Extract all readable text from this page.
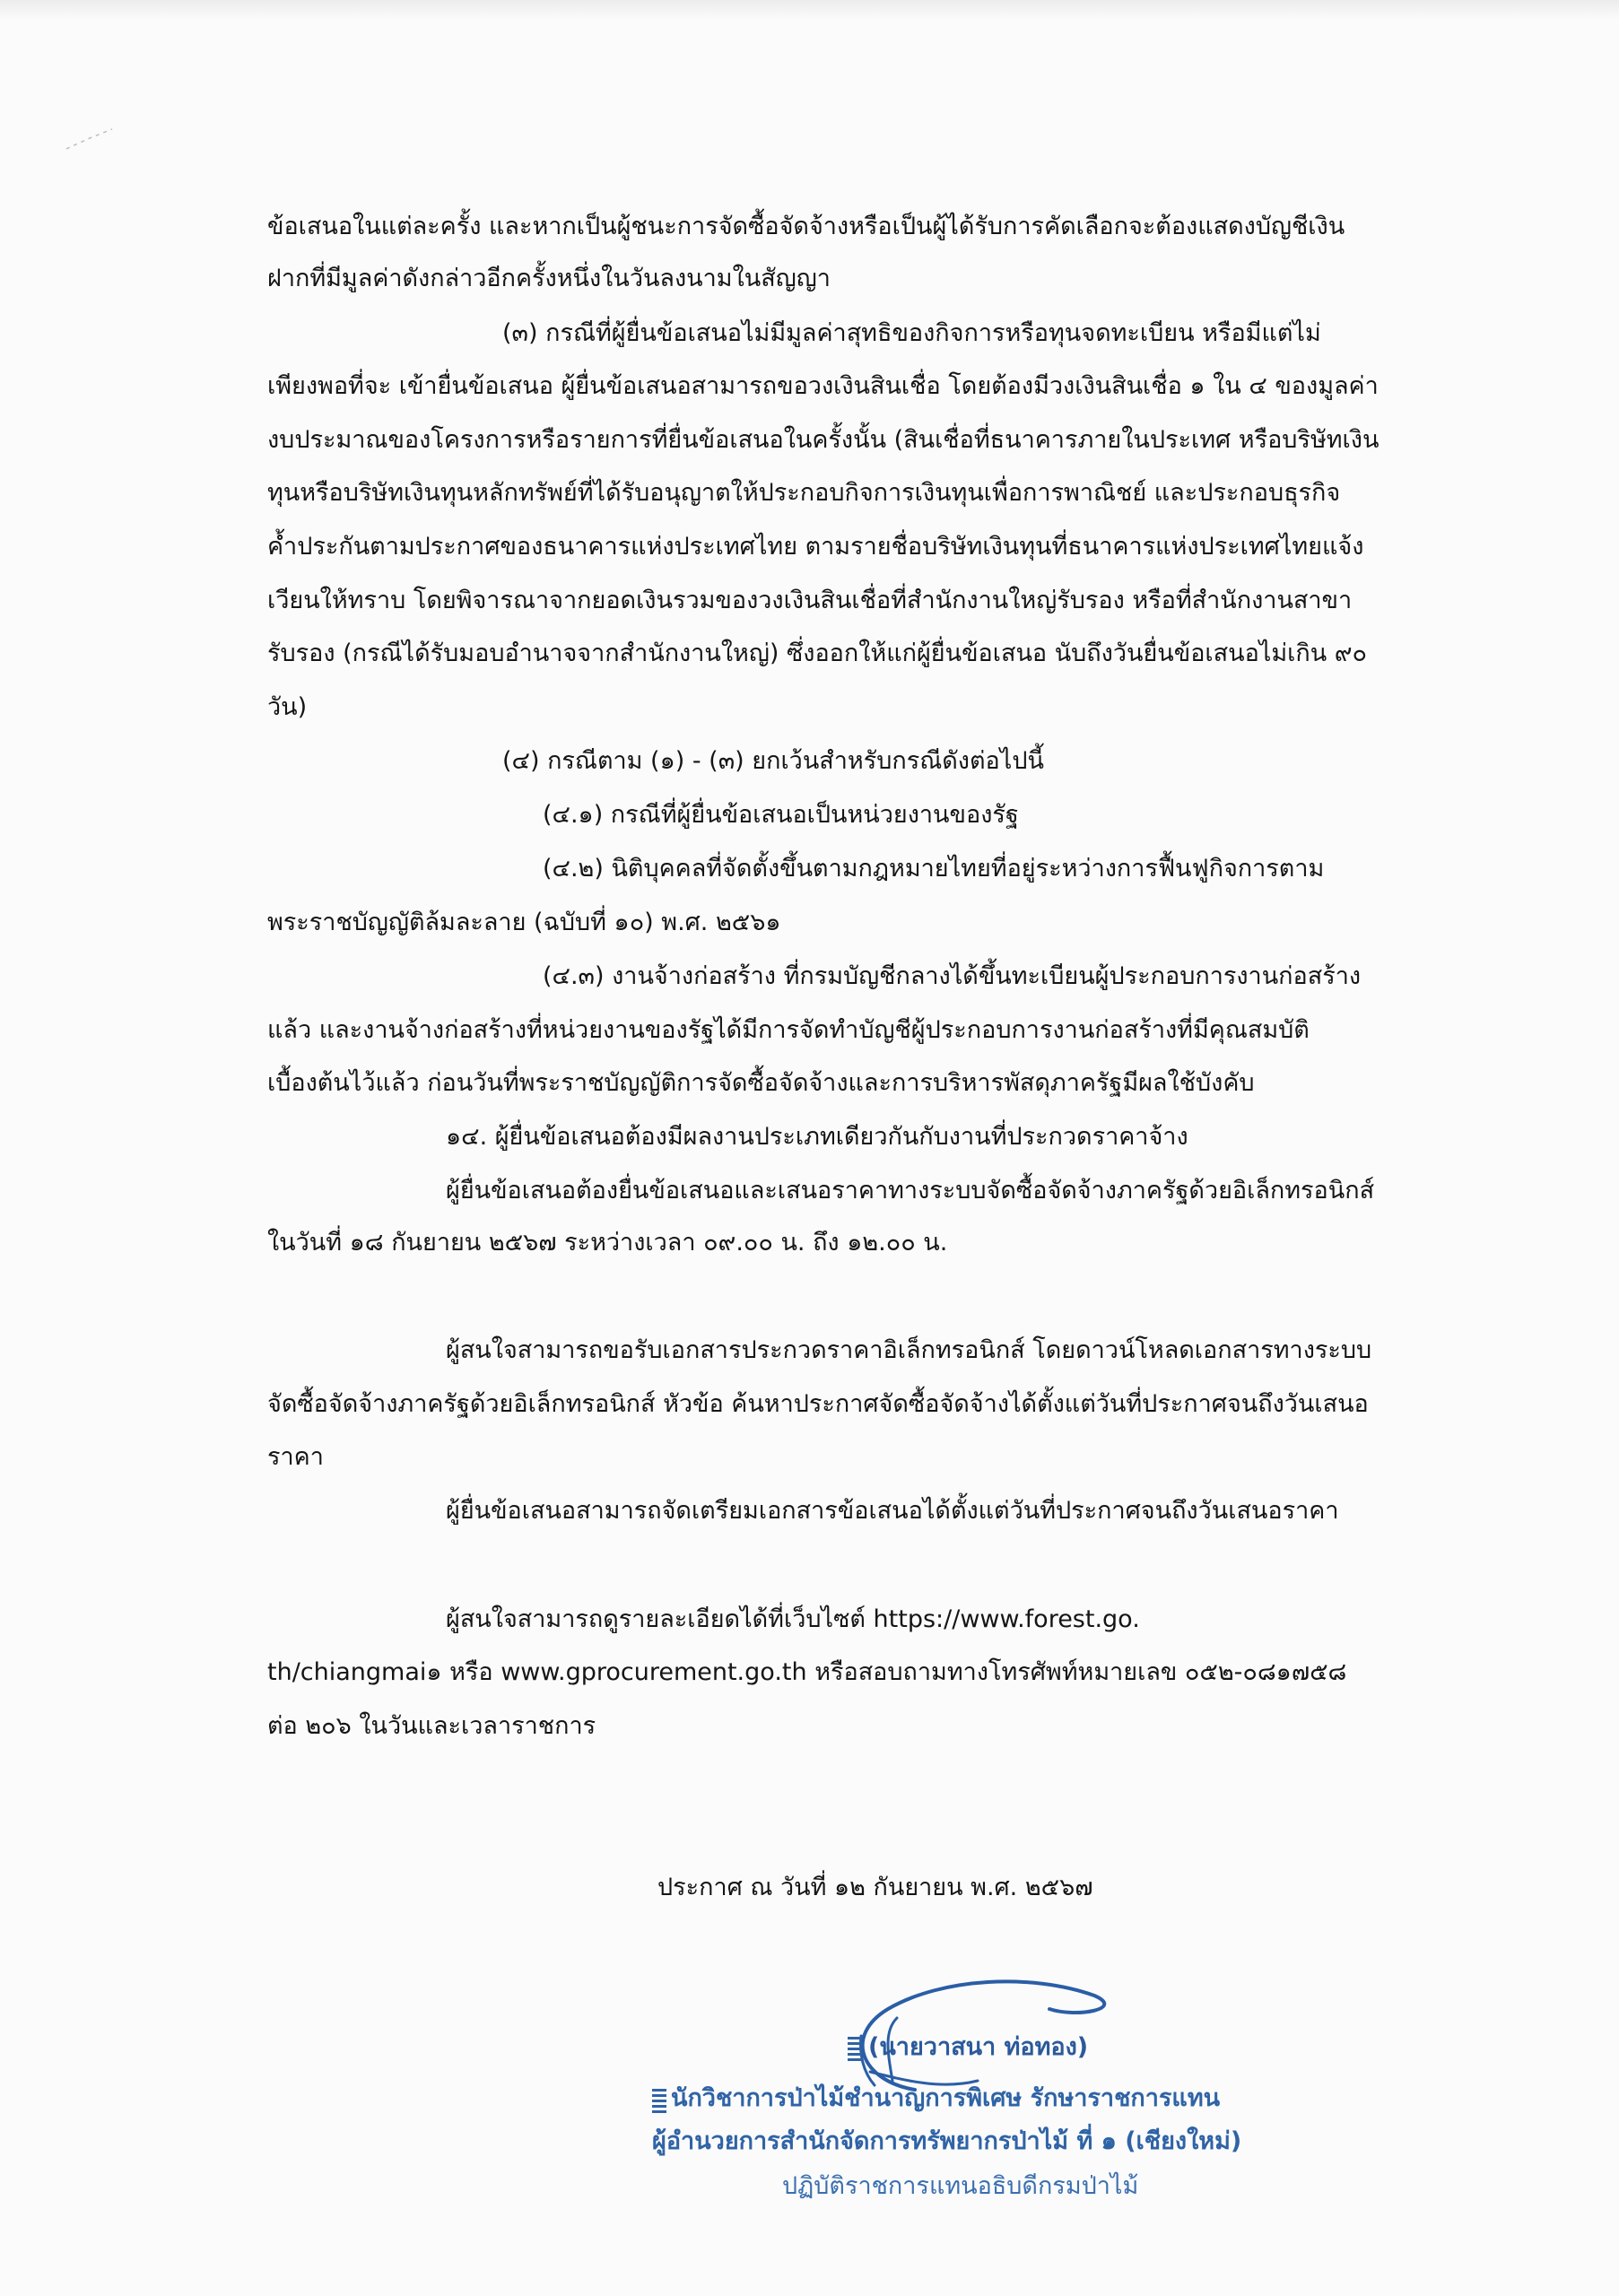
ข้อเสนอในแต่ละครั้ง และหากเป็นผู้ชนะการจัดซื้อจัดจ้างหรือเป็นผู้ได้รับการคัดเลือกจะต้องแสดงบัญชีเงิน
ฝากที่มีมูลค่าดังกล่าวอีกครั้งหนึ่งในวันลงนามในสัญญา
(๓) กรณีที่ผู้ยื่นข้อเสนอไม่มีมูลค่าสุทธิของกิจการหรือทุนจดทะเบียน หรือมีแต่ไม่
เพียงพอที่จะ เข้ายื่นข้อเสนอ ผู้ยื่นข้อเสนอสามารถขอวงเงินสินเชื่อ โดยต้องมีวงเงินสินเชื่อ ๑ ใน ๔ ของมูลค่า
งบประมาณของโครงการหรือรายการที่ยื่นข้อเสนอในครั้งนั้น (สินเชื่อที่ธนาคารภายในประเทศ หรือบริษัทเงิน
ทุนหรือบริษัทเงินทุนหลักทรัพย์ที่ได้รับอนุญาตให้ประกอบกิจการเงินทุนเพื่อการพาณิชย์ และประกอบธุรกิจ
ค้ำประกันตามประกาศของธนาคารแห่งประเทศไทย ตามรายชื่อบริษัทเงินทุนที่ธนาคารแห่งประเทศไทยแจ้ง
เวียนให้ทราบ โดยพิจารณาจากยอดเงินรวมของวงเงินสินเชื่อที่สำนักงานใหญ่รับรอง หรือที่สำนักงานสาขา
รับรอง (กรณีได้รับมอบอำนาจจากสำนักงานใหญ่) ซึ่งออกให้แก่ผู้ยื่นข้อเสนอ นับถึงวันยื่นข้อเสนอไม่เกิน ๙๐
วัน)
(๔) กรณีตาม (๑) - (๓) ยกเว้นสำหรับกรณีดังต่อไปนี้
(๔.๑) กรณีที่ผู้ยื่นข้อเสนอเป็นหน่วยงานของรัฐ
(๔.๒) นิติบุคคลที่จัดตั้งขึ้นตามกฎหมายไทยที่อยู่ระหว่างการฟื้นฟูกิจการตาม
พระราชบัญญัติล้มละลาย (ฉบับที่ ๑๐) พ.ศ. ๒๕๖๑
(๔.๓) งานจ้างก่อสร้าง ที่กรมบัญชีกลางได้ขึ้นทะเบียนผู้ประกอบการงานก่อสร้าง
แล้ว และงานจ้างก่อสร้างที่หน่วยงานของรัฐได้มีการจัดทำบัญชีผู้ประกอบการงานก่อสร้างที่มีคุณสมบัติ
เบื้องต้นไว้แล้ว ก่อนวันที่พระราชบัญญัติการจัดซื้อจัดจ้างและการบริหารพัสดุภาครัฐมีผลใช้บังคับ
๑๔. ผู้ยื่นข้อเสนอต้องมีผลงานประเภทเดียวกันกับงานที่ประกวดราคาจ้าง
ผู้ยื่นข้อเสนอต้องยื่นข้อเสนอและเสนอราคาทางระบบจัดซื้อจัดจ้างภาครัฐด้วยอิเล็กทรอนิกส์
ในวันที่ ๑๘ กันยายน ๒๕๖๗ ระหว่างเวลา ๐๙.๐๐ น. ถึง ๑๒.๐๐ น.
ผู้สนใจสามารถขอรับเอกสารประกวดราคาอิเล็กทรอนิกส์ โดยดาวน์โหลดเอกสารทางระบบ
จัดซื้อจัดจ้างภาครัฐด้วยอิเล็กทรอนิกส์ หัวข้อ ค้นหาประกาศจัดซื้อจัดจ้างได้ตั้งแต่วันที่ประกาศจนถึงวันเสนอ
ราคา
ผู้ยื่นข้อเสนอสามารถจัดเตรียมเอกสารข้อเสนอได้ตั้งแต่วันที่ประกาศจนถึงวันเสนอราคา
ผู้สนใจสามารถดูรายละเอียดได้ที่เว็บไซต์ https://www.forest.go.
th/chiangmai๑ หรือ www.gprocurement.go.th หรือสอบถามทางโทรศัพท์หมายเลข ๐๕๒-๐๘๑๗๕๘
ต่อ ๒๐๖ ในวันและเวลาราชการ
ประกาศ ณ วันที่ ๑๒ กันยายน พ.ศ. ๒๕๖๗
(นายวาสนา ท่อทอง)
นักวิชาการป่าไม้ชำนาญการพิเศษ รักษาราชการแทน
ผู้อำนวยการสำนักจัดการทรัพยากรป่าไม้ ที่ ๑ (เชียงใหม่)
ปฏิบัติราชการแทนอธิบดีกรมป่าไม้
